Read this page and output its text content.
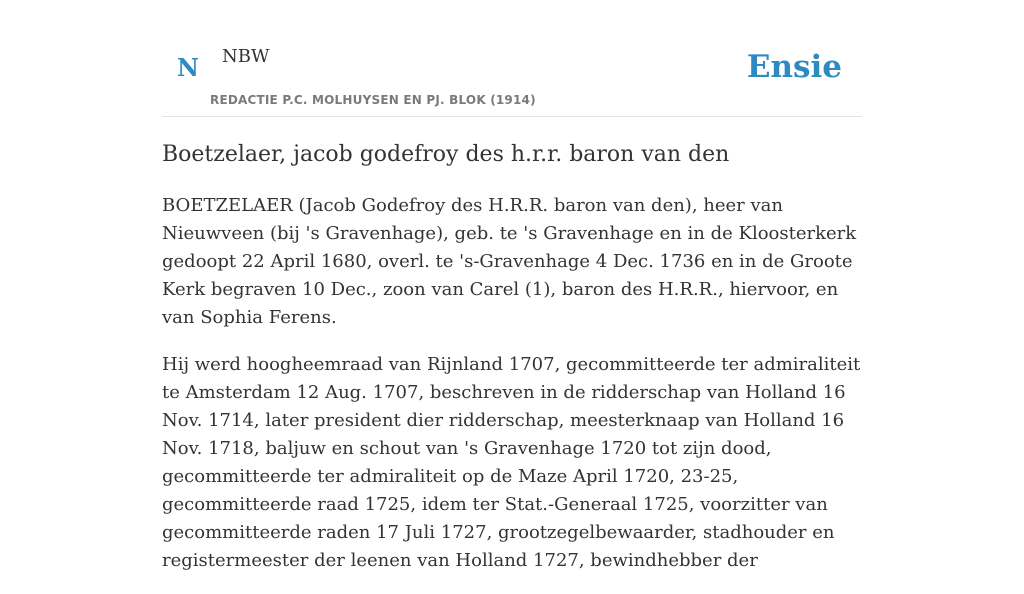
N NBW
REDACTIE P.C. MOLHUYSEN EN PJ. BLOK (1914)
Ensie
Boetzelaer, jacob godefroy des h.r.r. baron van den

BOETZELAER (Jacob Godefroy des H.R.R. baron van den), heer van Nieuwveen (bij 's Gravenhage), geb. te 's Gravenhage en in de Kloosterkerk gedoopt 22 April 1680, overl. te 's-Gravenhage 4 Dec. 1736 en in de Groote Kerk begraven 10 Dec., zoon van Carel (1), baron des H.R.R., hiervoor, en van Sophia Ferens.

Hij werd hoogheemraad van Rijnland 1707, gecommitteerde ter admiraliteit te Amsterdam 12 Aug. 1707, beschreven in de ridderschap van Holland 16 Nov. 1714, later president dier ridderschap, meesterknaap van Holland 16 Nov. 1718, baljuw en schout van 's Gravenhage 1720 tot zijn dood, gecommitteerde ter admiraliteit op de Maze April 1720, 23-25, gecommitteerde raad 1725, idem ter Stat.-Generaal 1725, voorzitter van gecommitteerde raden 17 Juli 1727, grootzegelbewaarder, stadhouder en registermeester der leenen van Holland 1727, bewindhebber der
